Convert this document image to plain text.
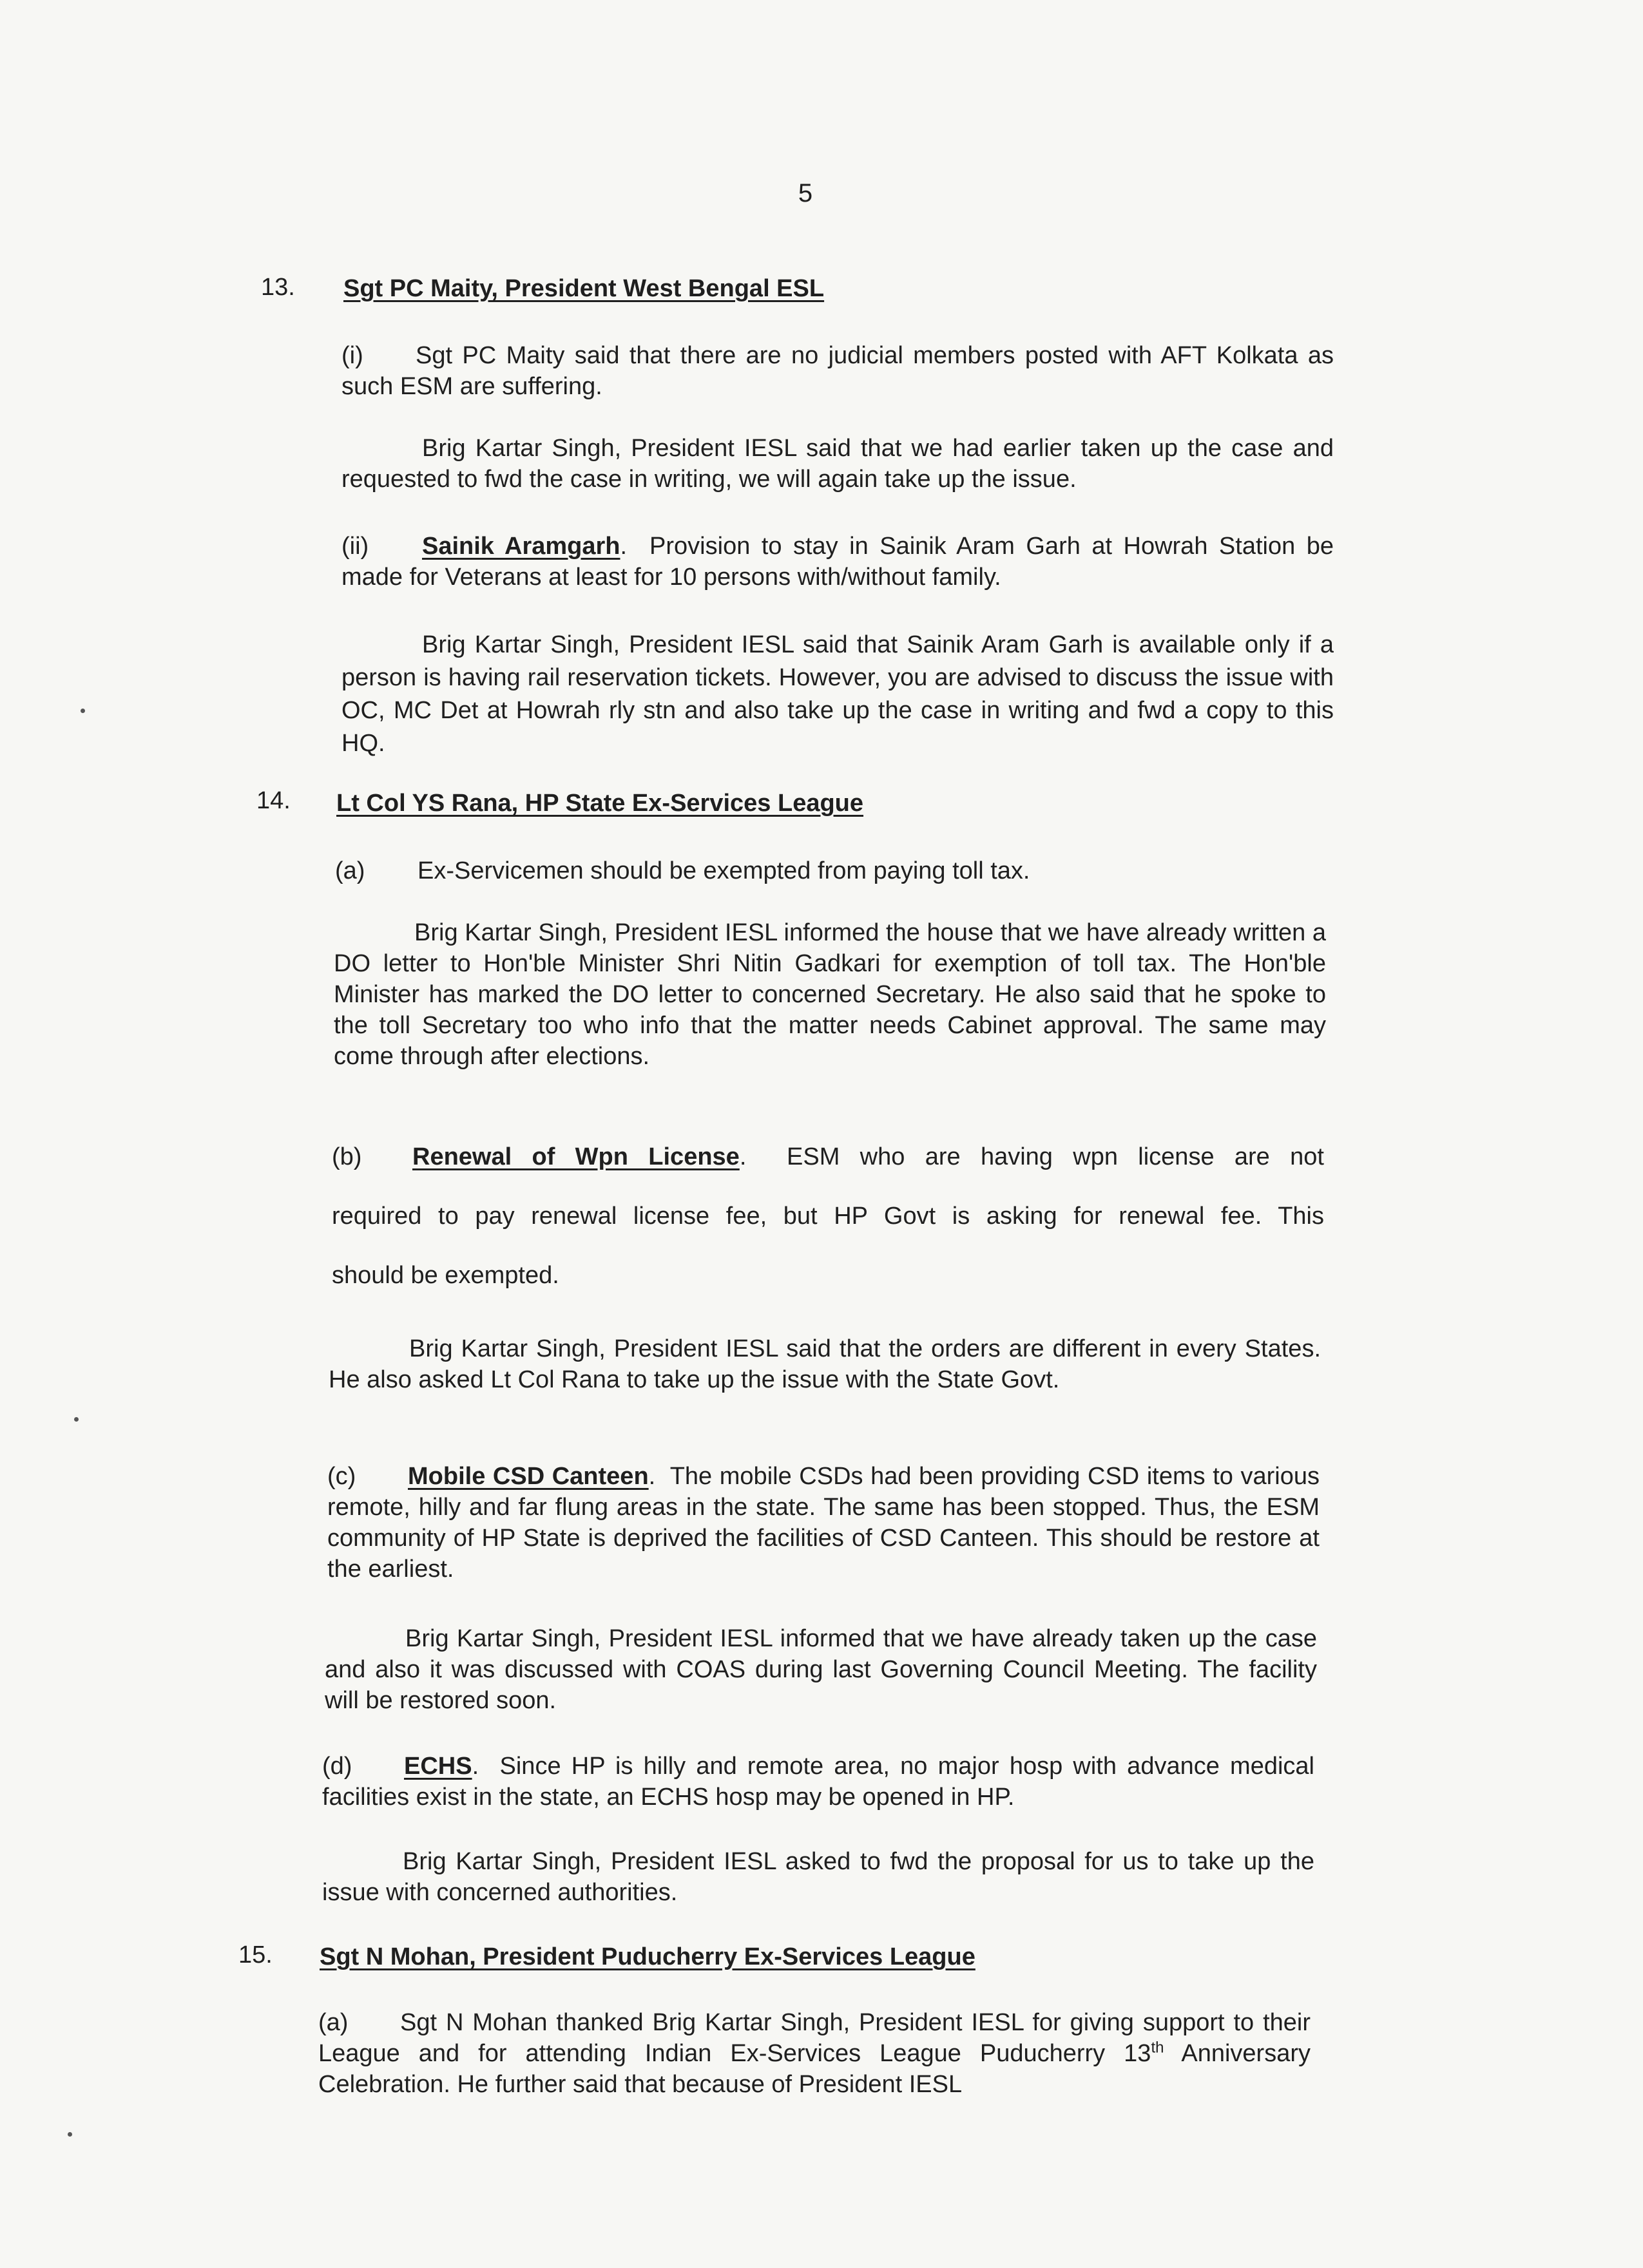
5
13. Sgt PC Maity, President West Bengal ESL
(i) Sgt PC Maity said that there are no judicial members posted with AFT Kolkata as such ESM are suffering.
Brig Kartar Singh, President IESL said that we had earlier taken up the case and requested to fwd the case in writing, we will again take up the issue.
(ii) Sainik Aramgarh.  Provision to stay in Sainik Aram Garh at Howrah Station be made for Veterans at least for 10 persons with/without family.
Brig Kartar Singh, President IESL said that Sainik Aram Garh is available only if a person is having rail reservation tickets. However, you are advised to discuss the issue with OC, MC Det at Howrah rly stn and also take up the case in writing and fwd a copy to this HQ.
14. Lt Col YS Rana, HP State Ex-Services League
(a) Ex-Servicemen should be exempted from paying toll tax.
Brig Kartar Singh, President IESL informed the house that we have already written a DO letter to Hon'ble Minister Shri Nitin Gadkari for exemption of toll tax. The Hon'ble Minister has marked the DO letter to concerned Secretary. He also said that he spoke to the toll Secretary too who info that the matter needs Cabinet approval. The same may come through after elections.
(b) Renewal of Wpn License.  ESM who are having wpn license are not
required to pay renewal license fee, but HP Govt is asking for renewal fee. This
should be exempted.
Brig Kartar Singh, President IESL said that the orders are different in every States. He also asked Lt Col Rana to take up the issue with the State Govt.
(c) Mobile CSD Canteen.  The mobile CSDs had been providing CSD items to various remote, hilly and far flung areas in the state. The same has been stopped. Thus, the ESM community of HP State is deprived the facilities of CSD Canteen. This should be restore at the earliest.
Brig Kartar Singh, President IESL informed that we have already taken up the case and also it was discussed with COAS during last Governing Council Meeting. The facility will be restored soon.
(d) ECHS.  Since HP is hilly and remote area, no major hosp with advance medical facilities exist in the state, an ECHS hosp may be opened in HP.
Brig Kartar Singh, President IESL asked to fwd the proposal for us to take up the issue with concerned authorities.
15. Sgt N Mohan, President Puducherry Ex-Services League
(a) Sgt N Mohan thanked Brig Kartar Singh, President IESL for giving support to their League and for attending Indian Ex-Services League Puducherry 13th Anniversary Celebration. He further said that because of President IESL
